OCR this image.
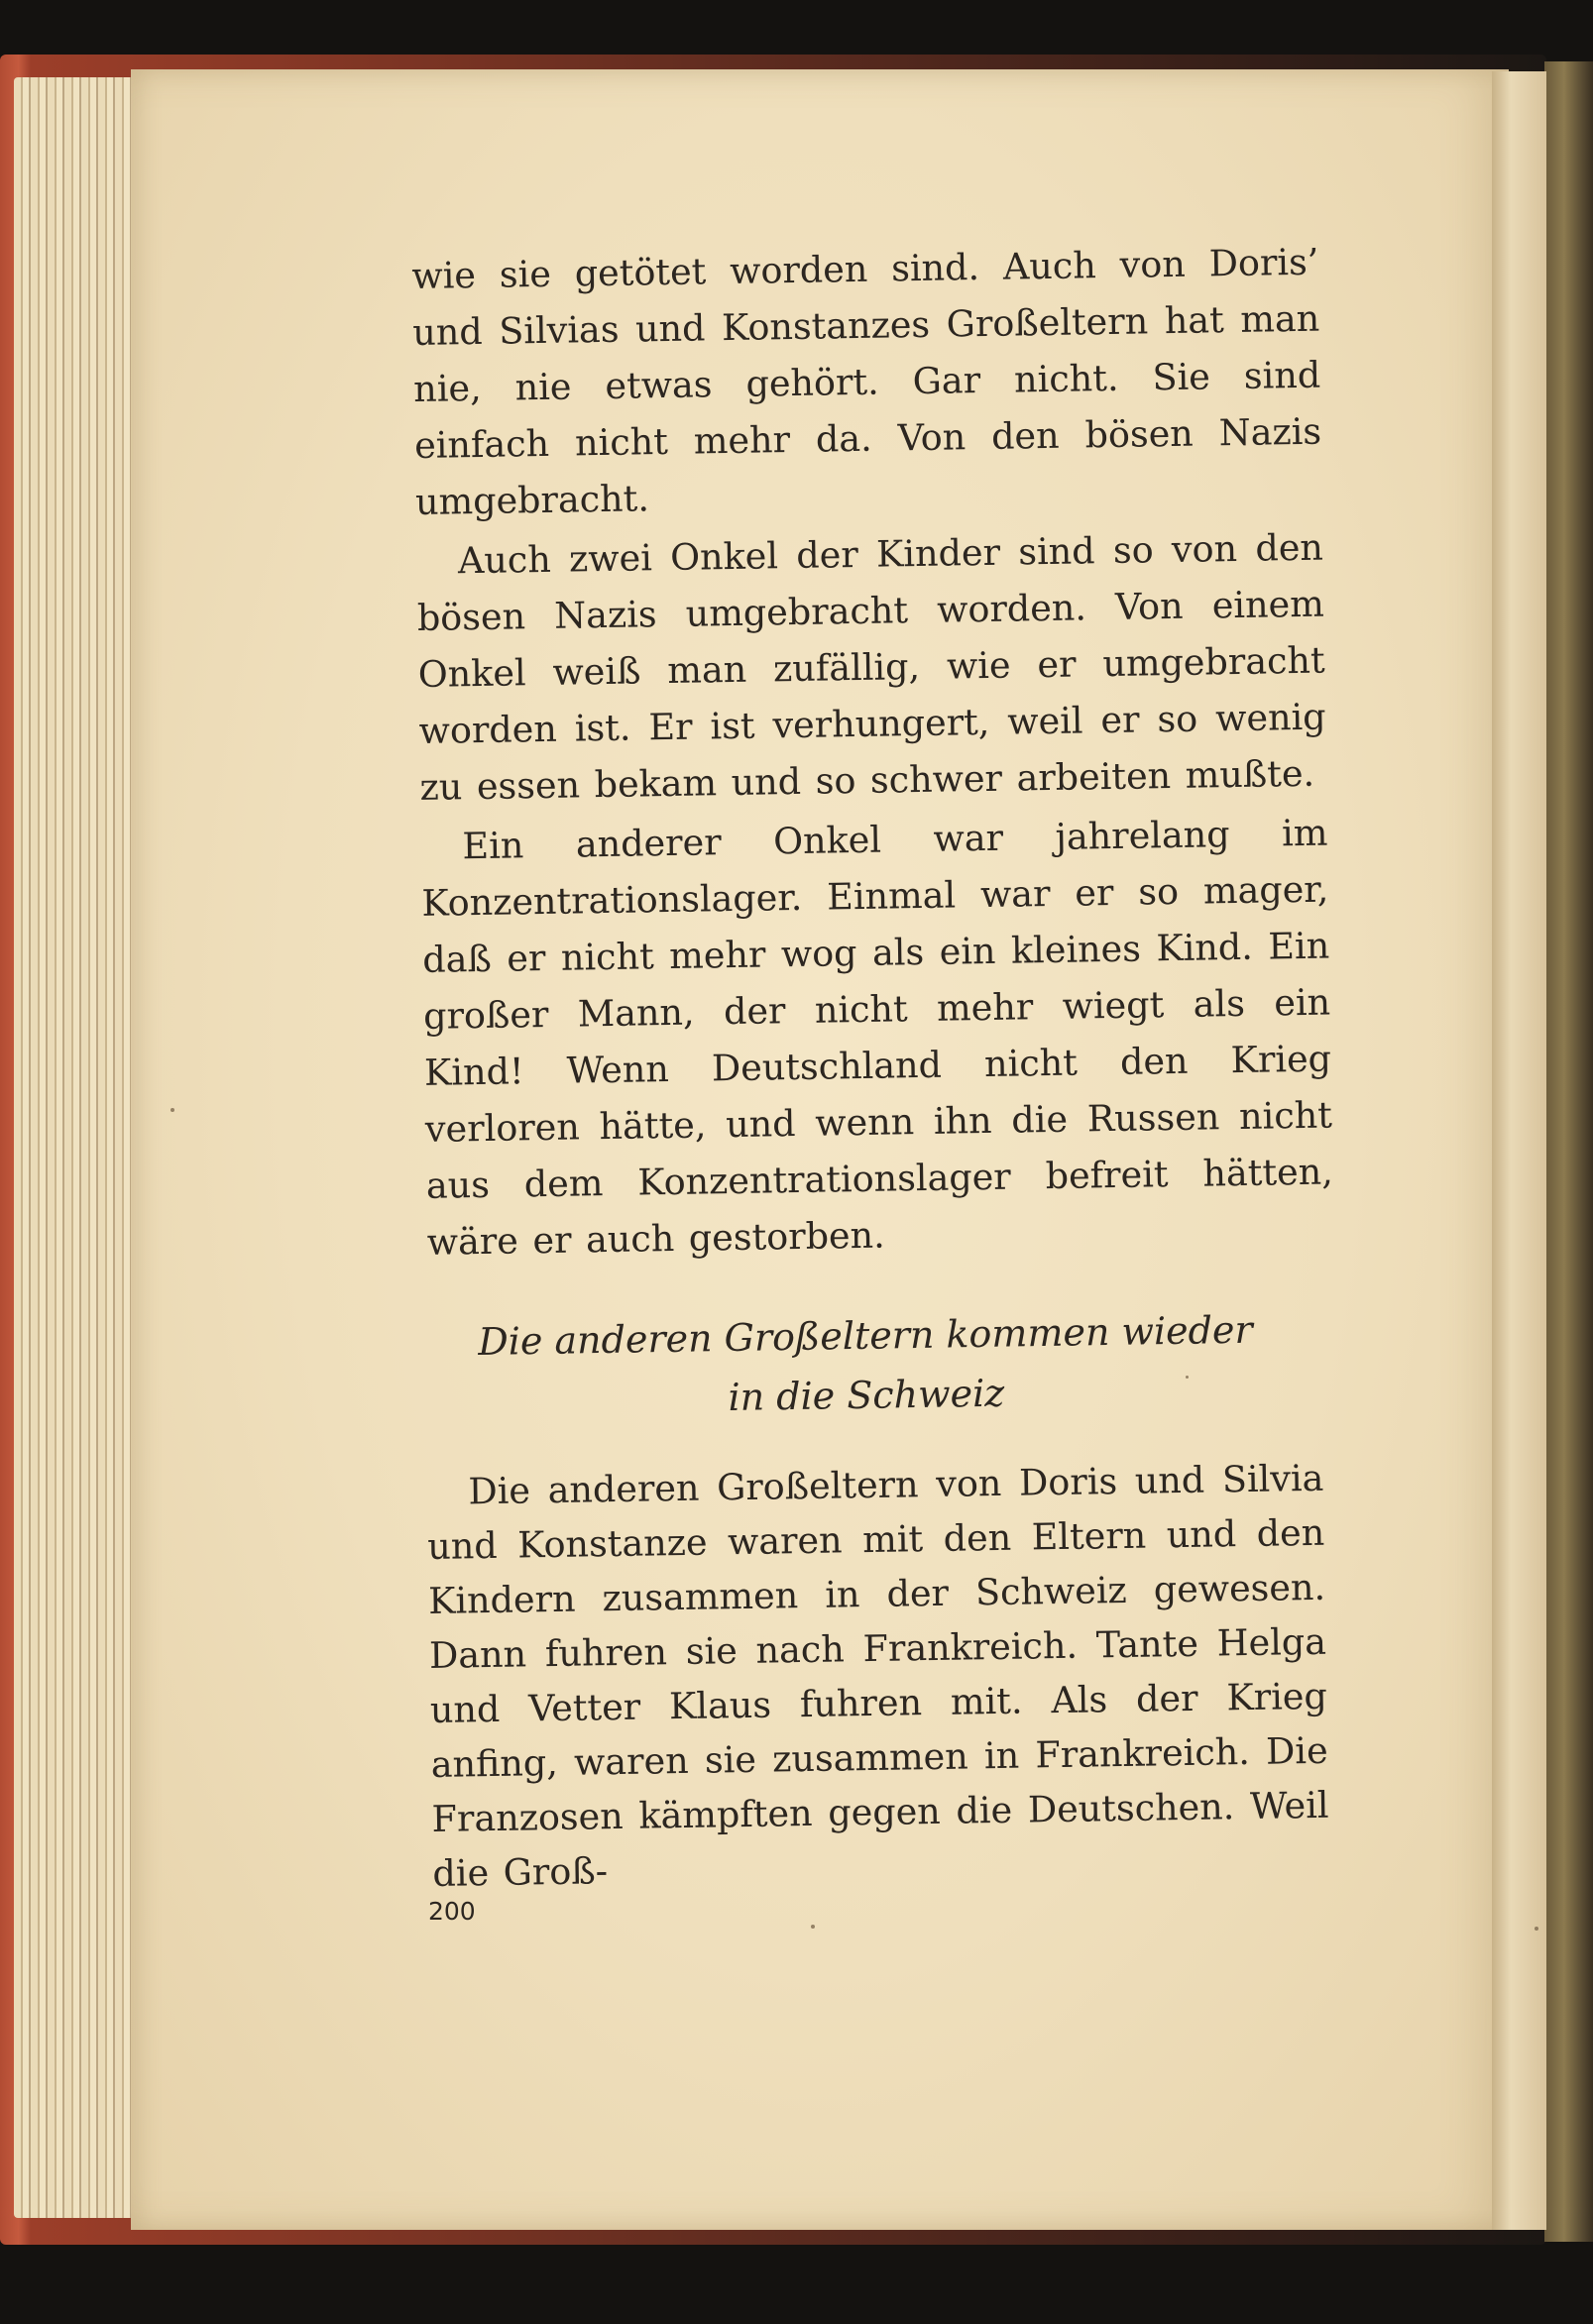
wie sie getötet worden sind. Auch von Doris’ und Silvias und Konstanzes Großeltern hat man nie, nie etwas gehört. Gar nicht. Sie sind einfach nicht mehr da. Von den bösen Nazis umgebracht.

Auch zwei Onkel der Kinder sind so von den bösen Nazis umgebracht worden. Von einem Onkel weiß man zufällig, wie er umgebracht worden ist. Er ist verhungert, weil er so wenig zu essen bekam und so schwer arbeiten mußte.

Ein anderer Onkel war jahrelang im Konzentrationslager. Einmal war er so mager, daß er nicht mehr wog als ein kleines Kind. Ein großer Mann, der nicht mehr wiegt als ein Kind! Wenn Deutschland nicht den Krieg verloren hätte, und wenn ihn die Russen nicht aus dem Konzentrationslager befreit hätten, wäre er auch gestorben.

Die anderen Großeltern kommen wieder
in die Schweiz

Die anderen Großeltern von Doris und Silvia und Konstanze waren mit den Eltern und den Kindern zusammen in der Schweiz gewesen. Dann fuhren sie nach Frankreich. Tante Helga und Vetter Klaus fuhren mit. Als der Krieg anfing, waren sie zusammen in Frankreich. Die Franzosen kämpften gegen die Deutschen. Weil die Groß-

200
